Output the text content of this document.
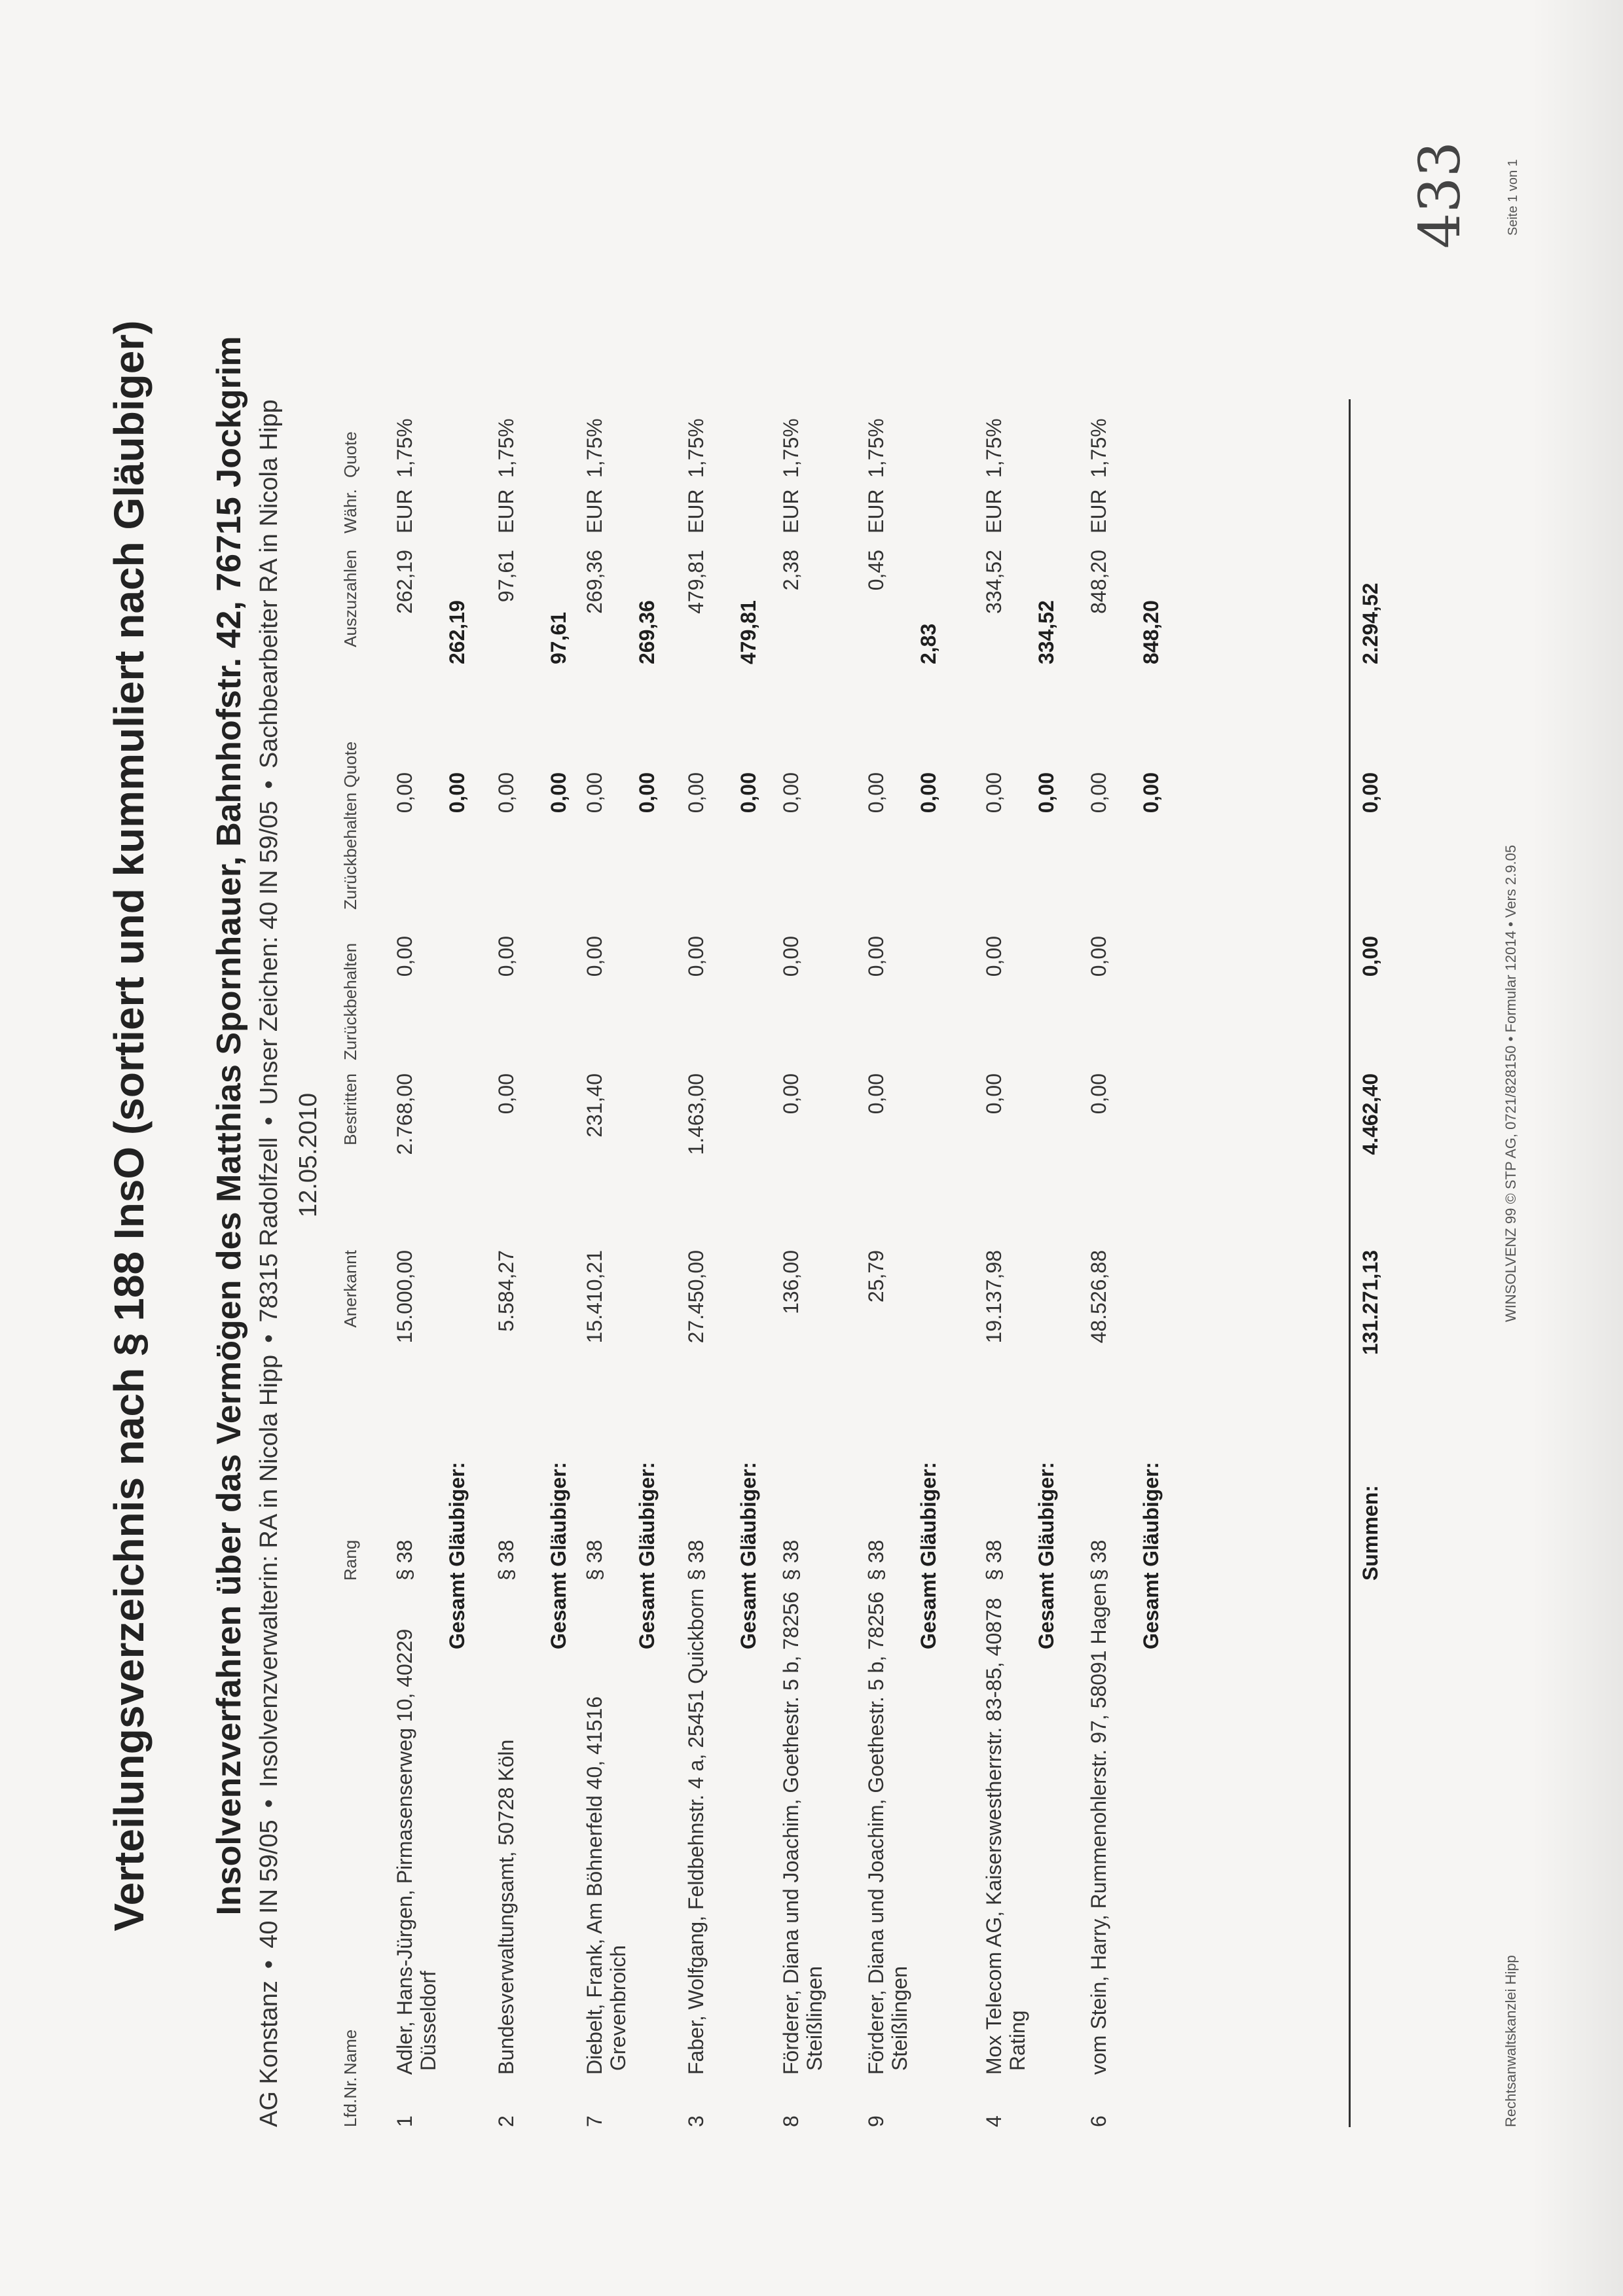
Verteilungsverzeichnis nach § 188 InsO (sortiert und kummuliert nach Gläubiger) Insolvenzverfahren über das Vermögen des Matthias Spornhauer, Bahnhofstr. 42, 76715 Jockgrim
AG Konstanz•40 IN 59/05•Insolvenzverwalterin: RA in Nicola Hipp•78315 Radolfzell•Unser Zeichen: 40 IN 59/05•Sachbearbeiter RA in Nicola Hipp
12.05.2010
Lfd.Nr.
Name
Rang
Anerkannt
Bestritten
Zurückbehalten
Zurückbehalten Quote
Auszuzahlen
Währ.
Quote
1
Adler, Hans-Jürgen, Pirmasenserweg 10, 40229 Düsseldorf
§ 38
15.000,00
2.768,00
0,00
0,00
262,19
EUR
1,75%
Gesamt Gläubiger:
0,00
262,19
2
Bundesverwaltungsamt, 50728 Köln
§ 38
5.584,27
0,00
0,00
0,00
97,61
EUR
1,75%
Gesamt Gläubiger:
0,00
97,61
7
Diebelt, Frank, Am Böhnerfeld 40, 41516 Grevenbroich
§ 38
15.410,21
231,40
0,00
0,00
269,36
EUR
1,75%
Gesamt Gläubiger:
0,00
269,36
3
Faber, Wolfgang, Feldbehnstr. 4 a, 25451 Quickborn
§ 38
27.450,00
1.463,00
0,00
0,00
479,81
EUR
1,75%
Gesamt Gläubiger:
0,00
479,81
8
Förderer, Diana und Joachim, Goethestr. 5 b, 78256 Steißlingen
§ 38
136,00
0,00
0,00
0,00
2,38
EUR
1,75%
9
Förderer, Diana und Joachim, Goethestr. 5 b, 78256 Steißlingen
§ 38
25,79
0,00
0,00
0,00
0,45
EUR
1,75%
Gesamt Gläubiger:
0,00
2,83
4
Mox Telecom AG, Kaiserswestherrstr. 83-85, 40878 Rating
§ 38
19.137,98
0,00
0,00
0,00
334,52
EUR
1,75%
Gesamt Gläubiger:
0,00
334,52
6
vom Stein, Harry, Rummenohlerstr. 97, 58091 Hagen
§ 38
48.526,88
0,00
0,00
0,00
848,20
EUR
1,75%
Gesamt Gläubiger:
0,00
848,20
Summen:
131.271,13
4.462,40
0,00
0,00
2.294,52
Rechtsanwaltskanzlei Hipp
WINSOLVENZ 99 © STP AG, 0721/828150 • Formular 12014 • Vers 2.9.05
433	Seite 1 von 1
